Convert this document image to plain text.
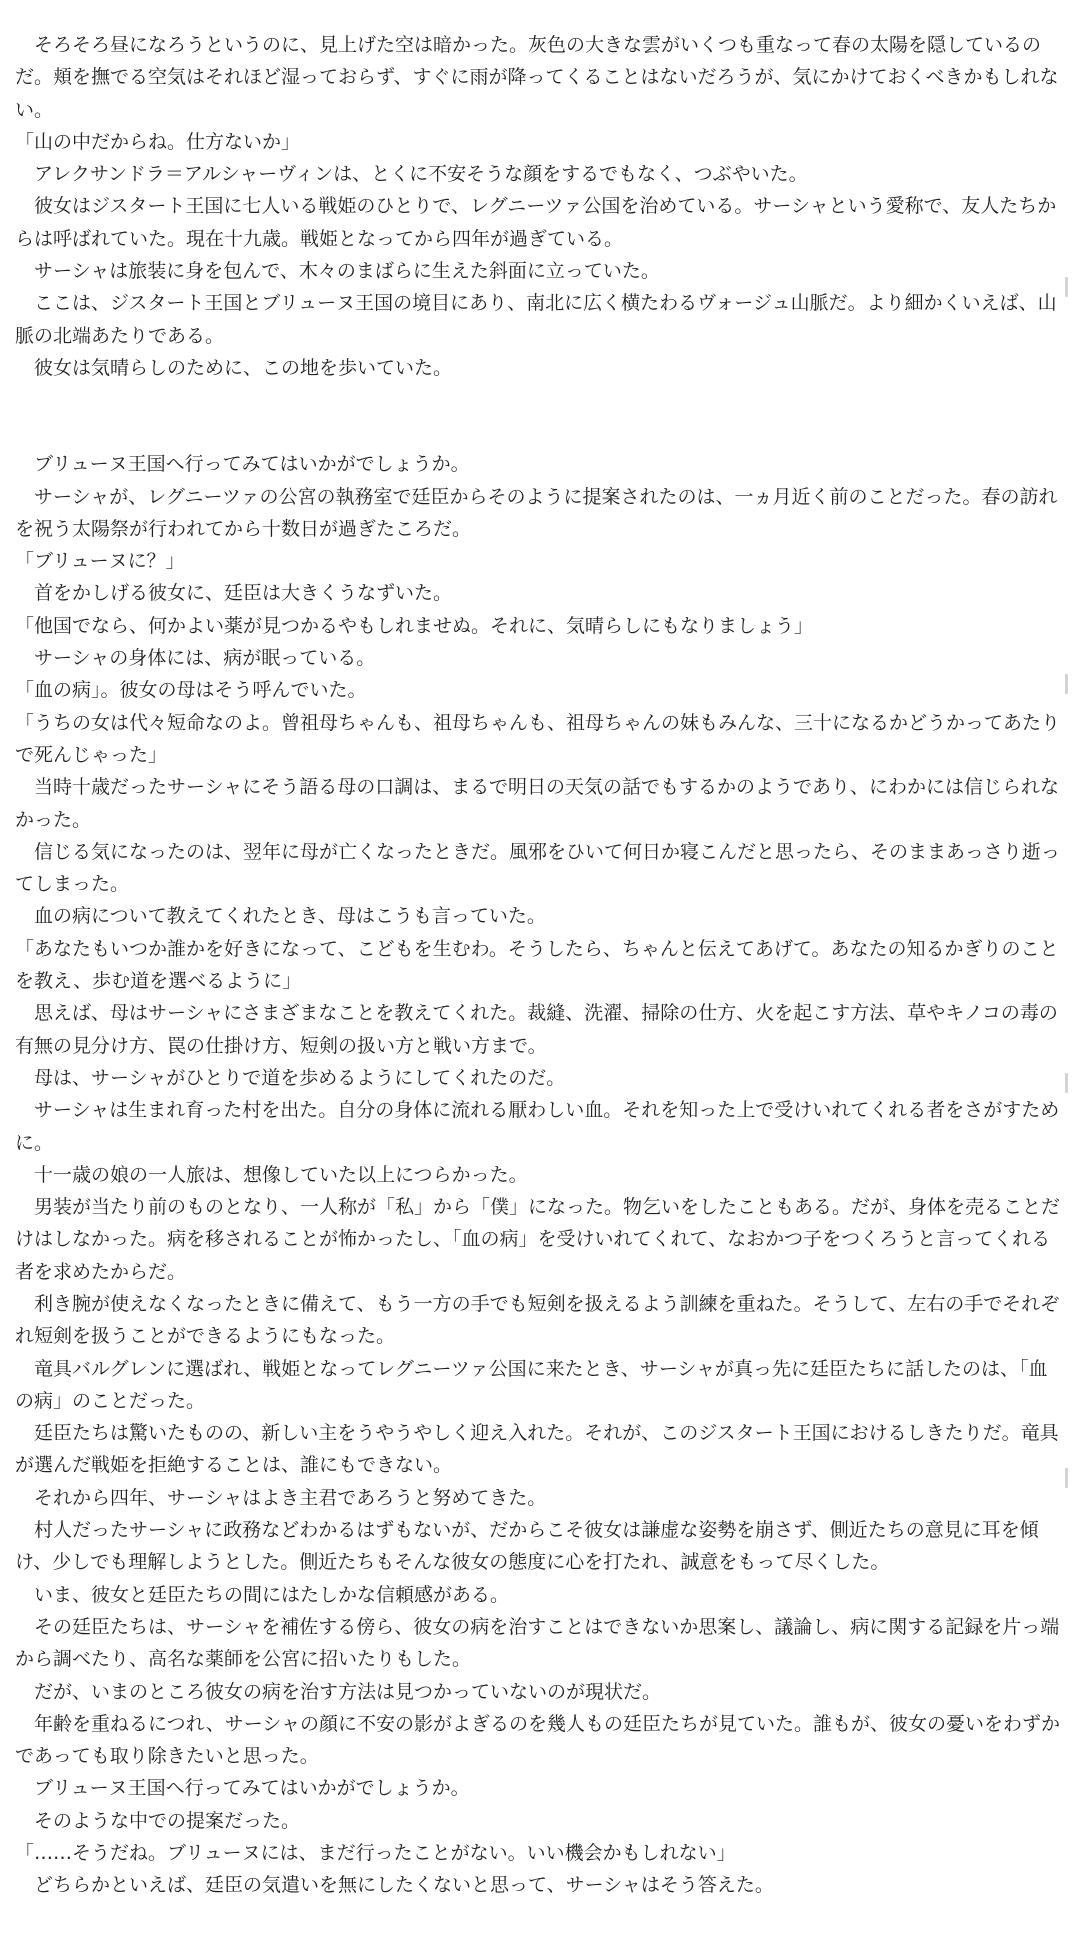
そろそろ昼になろうというのに、見上げた空は暗かった。灰色の大きな雲がいくつも重なって春の太陽を隠しているのだ。頬を撫でる空気はそれほど湿っておらず、すぐに雨が降ってくることはないだろうが、気にかけておくべきかもしれない。

「山の中だからね。仕方ないか」

アレクサンドラ＝アルシャーヴィンは、とくに不安そうな顔をするでもなく、つぶやいた。

彼女はジスタート王国に七人いる戦姫のひとりで、レグニーツァ公国を治めている。サーシャという愛称で、友人たちからは呼ばれていた。現在十九歳。戦姫となってから四年が過ぎている。

サーシャは旅装に身を包んで、木々のまばらに生えた斜面に立っていた。

ここは、ジスタート王国とブリューヌ王国の境目にあり、南北に広く横たわるヴォージュ山脈だ。より細かくいえば、山脈の北端あたりである。

彼女は気晴らしのために、この地を歩いていた。

ブリューヌ王国へ行ってみてはいかがでしょうか。

サーシャが、レグニーツァの公宮の執務室で廷臣からそのように提案されたのは、一ヵ月近く前のことだった。春の訪れを祝う太陽祭が行われてから十数日が過ぎたころだ。

「ブリューヌに？」

首をかしげる彼女に、廷臣は大きくうなずいた。

「他国でなら、何かよい薬が見つかるやもしれませぬ。それに、気晴らしにもなりましょう」

サーシャの身体には、病が眠っている。

「血の病」。彼女の母はそう呼んでいた。

「うちの女は代々短命なのよ。曾祖母ちゃんも、祖母ちゃんも、祖母ちゃんの妹もみんな、三十になるかどうかってあたりで死んじゃった」

当時十歳だったサーシャにそう語る母の口調は、まるで明日の天気の話でもするかのようであり、にわかには信じられなかった。

信じる気になったのは、翌年に母が亡くなったときだ。風邪をひいて何日か寝こんだと思ったら、そのままあっさり逝ってしまった。

血の病について教えてくれたとき、母はこうも言っていた。

「あなたもいつか誰かを好きになって、こどもを生むわ。そうしたら、ちゃんと伝えてあげて。あなたの知るかぎりのことを教え、歩む道を選べるように」

思えば、母はサーシャにさまざまなことを教えてくれた。裁縫、洗濯、掃除の仕方、火を起こす方法、草やキノコの毒の有無の見分け方、罠の仕掛け方、短剣の扱い方と戦い方まで。

母は、サーシャがひとりで道を歩めるようにしてくれたのだ。

サーシャは生まれ育った村を出た。自分の身体に流れる厭わしい血。それを知った上で受けいれてくれる者をさがすために。

十一歳の娘の一人旅は、想像していた以上につらかった。

男装が当たり前のものとなり、一人称が「私」から「僕」になった。物乞いをしたこともある。だが、身体を売ることだけはしなかった。病を移されることが怖かったし、「血の病」を受けいれてくれて、なおかつ子をつくろうと言ってくれる者を求めたからだ。

利き腕が使えなくなったときに備えて、もう一方の手でも短剣を扱えるよう訓練を重ねた。そうして、左右の手でそれぞれ短剣を扱うことができるようにもなった。

竜具バルグレンに選ばれ、戦姫となってレグニーツァ公国に来たとき、サーシャが真っ先に廷臣たちに話したのは、「血の病」のことだった。

廷臣たちは驚いたものの、新しい主をうやうやしく迎え入れた。それが、このジスタート王国におけるしきたりだ。竜具が選んだ戦姫を拒絶することは、誰にもできない。

それから四年、サーシャはよき主君であろうと努めてきた。

村人だったサーシャに政務などわかるはずもないが、だからこそ彼女は謙虚な姿勢を崩さず、側近たちの意見に耳を傾け、少しでも理解しようとした。側近たちもそんな彼女の態度に心を打たれ、誠意をもって尽くした。

いま、彼女と廷臣たちの間にはたしかな信頼感がある。

その廷臣たちは、サーシャを補佐する傍ら、彼女の病を治すことはできないか思案し、議論し、病に関する記録を片っ端から調べたり、高名な薬師を公宮に招いたりもした。

だが、いまのところ彼女の病を治す方法は見つかっていないのが現状だ。

年齢を重ねるにつれ、サーシャの顔に不安の影がよぎるのを幾人もの廷臣たちが見ていた。誰もが、彼女の憂いをわずかであっても取り除きたいと思った。

ブリューヌ王国へ行ってみてはいかがでしょうか。

そのような中での提案だった。

「……そうだね。ブリューヌには、まだ行ったことがない。いい機会かもしれない」

どちらかといえば、廷臣の気遣いを無にしたくないと思って、サーシャはそう答えた。
